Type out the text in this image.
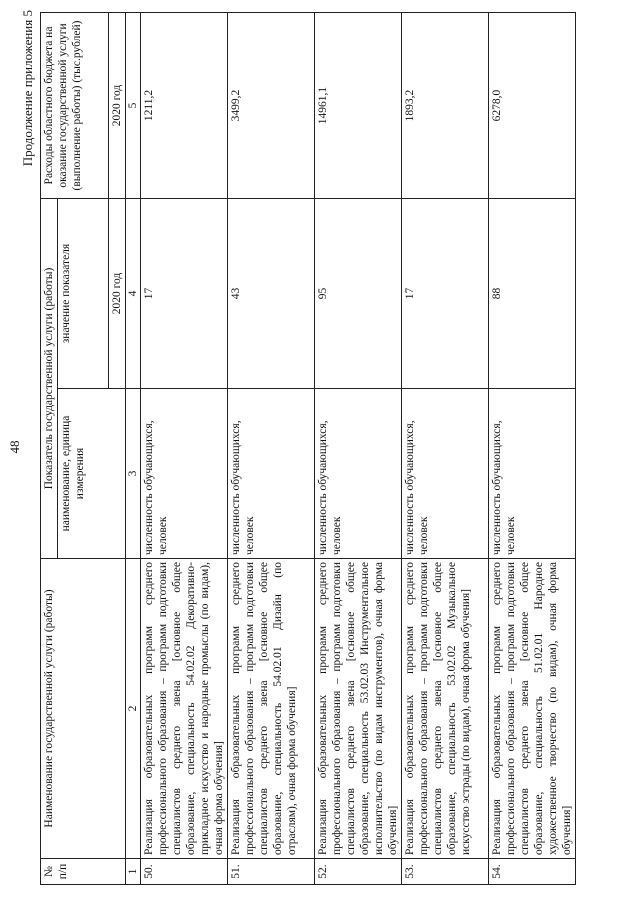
48
Продолжение приложения 5
№ п/п	Наименование государственной услуги (работы)	Показатель государственной услуги (работы)		Расходы областного бюджета на оказание государственной услуги (выполнение работы) (тыс.рублей)
		наименование, единица измерения	значение показателя	
			2020 год	2020 год
1	2	3	4	5
50.	Реализация образовательных программ среднего профессионального образования – программ подготовки специалистов среднего звена [основное общее образование, специальность 54.02.02 Декоративно-прикладное искусство и народные промыслы (по видам), очная форма обучения]	численность обучающихся, человек	17	1211,2
51.	Реализация образовательных программ среднего профессионального образования – программ подготовки специалистов среднего звена [основное общее образование, специальность 54.02.01 Дизайн (по отраслям), очная форма обучения]	численность обучающихся, человек	43	3499,2
52.	Реализация образовательных программ среднего профессионального образования – программ подготовки специалистов среднего звена [основное общее образование, специальность 53.02.03 Инструментальное исполнительство (по видам инструментов), очная форма обучения]	численность обучающихся, человек	95	14961,1
53.	Реализация образовательных программ среднего профессионального образования – программ подготовки специалистов среднего звена [основное общее образование, специальность 53.02.02 Музыкальное искусство эстрады (по видам), очная форма обучения]	численность обучающихся, человек	17	1893,2
54.	Реализация образовательных программ среднего профессионального образования – программ подготовки специалистов среднего звена [основное общее образование, специальность 51.02.01 Народное художественное творчество (по видам), очная форма обучения]	численность обучающихся, человек	88	6278,0
